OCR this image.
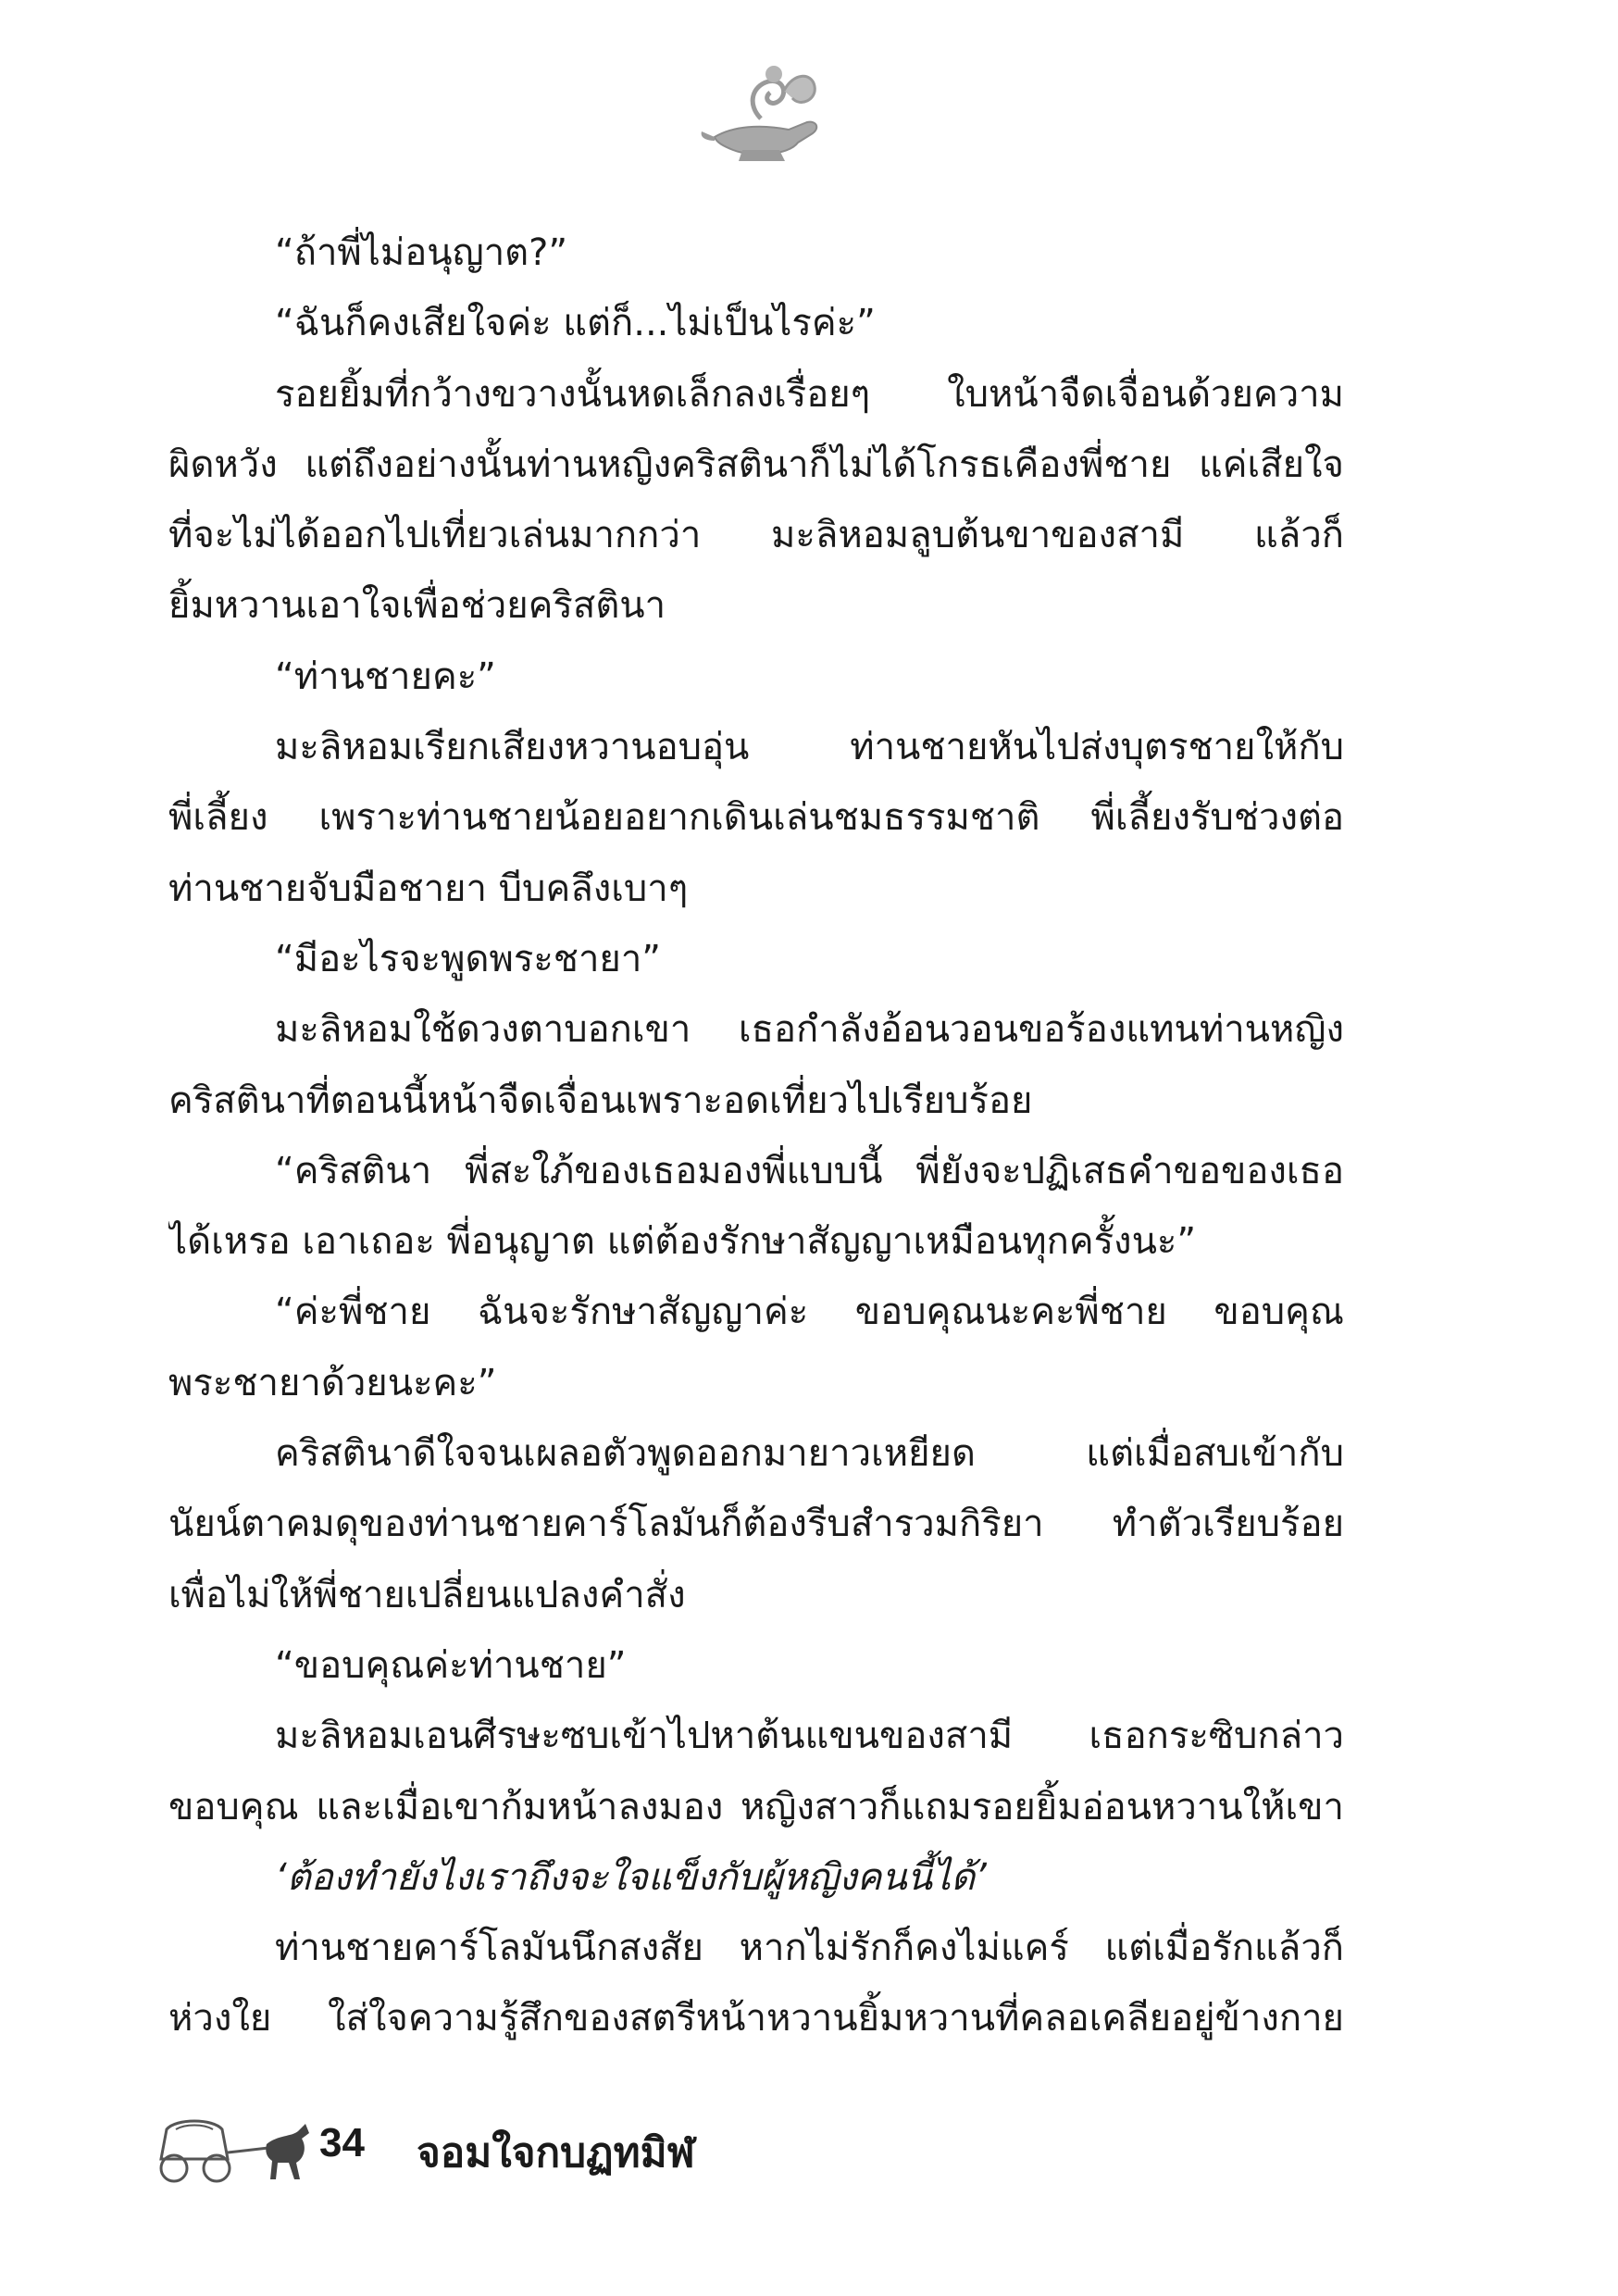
“ถ้าพี่ไม่อนุญาต?”
“ฉันก็คงเสียใจค่ะ แต่ก็...ไม่เป็นไรค่ะ”
รอยยิ้มที่กว้างขวางนั้นหดเล็กลงเรื่อยๆ ใบหน้าจืดเจื่อนด้วยความ
ผิดหวัง แต่ถึงอย่างนั้นท่านหญิงคริสตินาก็ไม่ได้โกรธเคืองพี่ชาย แค่เสียใจ
ที่จะไม่ได้ออกไปเที่ยวเล่นมากกว่า มะลิหอมลูบต้นขาของสามี แล้วก็
ยิ้มหวานเอาใจเพื่อช่วยคริสตินา
“ท่านชายคะ”
มะลิหอมเรียกเสียงหวานอบอุ่น ท่านชายหันไปส่งบุตรชายให้กับ
พี่เลี้ยง เพราะท่านชายน้อยอยากเดินเล่นชมธรรมชาติ พี่เลี้ยงรับช่วงต่อ
ท่านชายจับมือชายา บีบคลึงเบาๆ
“มีอะไรจะพูดพระชายา”
มะลิหอมใช้ดวงตาบอกเขา เธอกำลังอ้อนวอนขอร้องแทนท่านหญิง
คริสตินาที่ตอนนี้หน้าจืดเจื่อนเพราะอดเที่ยวไปเรียบร้อย
“คริสตินา พี่สะใภ้ของเธอมองพี่แบบนี้ พี่ยังจะปฏิเสธคำขอของเธอ
ได้เหรอ เอาเถอะ พี่อนุญาต แต่ต้องรักษาสัญญาเหมือนทุกครั้งนะ”
“ค่ะพี่ชาย ฉันจะรักษาสัญญาค่ะ ขอบคุณนะคะพี่ชาย ขอบคุณ
พระชายาด้วยนะคะ”
คริสตินาดีใจจนเผลอตัวพูดออกมายาวเหยียด แต่เมื่อสบเข้ากับ
นัยน์ตาคมดุของท่านชายคาร์โลมันก็ต้องรีบสำรวมกิริยา ทำตัวเรียบร้อย
เพื่อไม่ให้พี่ชายเปลี่ยนแปลงคำสั่ง
“ขอบคุณค่ะท่านชาย”
มะลิหอมเอนศีรษะซบเข้าไปหาต้นแขนของสามี เธอกระซิบกล่าว
ขอบคุณ และเมื่อเขาก้มหน้าลงมอง หญิงสาวก็แถมรอยยิ้มอ่อนหวานให้เขา
‘ต้องทำยังไงเราถึงจะใจแข็งกับผู้หญิงคนนี้ได้’
ท่านชายคาร์โลมันนึกสงสัย หากไม่รักก็คงไม่แคร์ แต่เมื่อรักแล้วก็
ห่วงใย ใส่ใจความรู้สึกของสตรีหน้าหวานยิ้มหวานที่คลอเคลียอยู่ข้างกาย
34 จอมใจกบฏทมิฬ
